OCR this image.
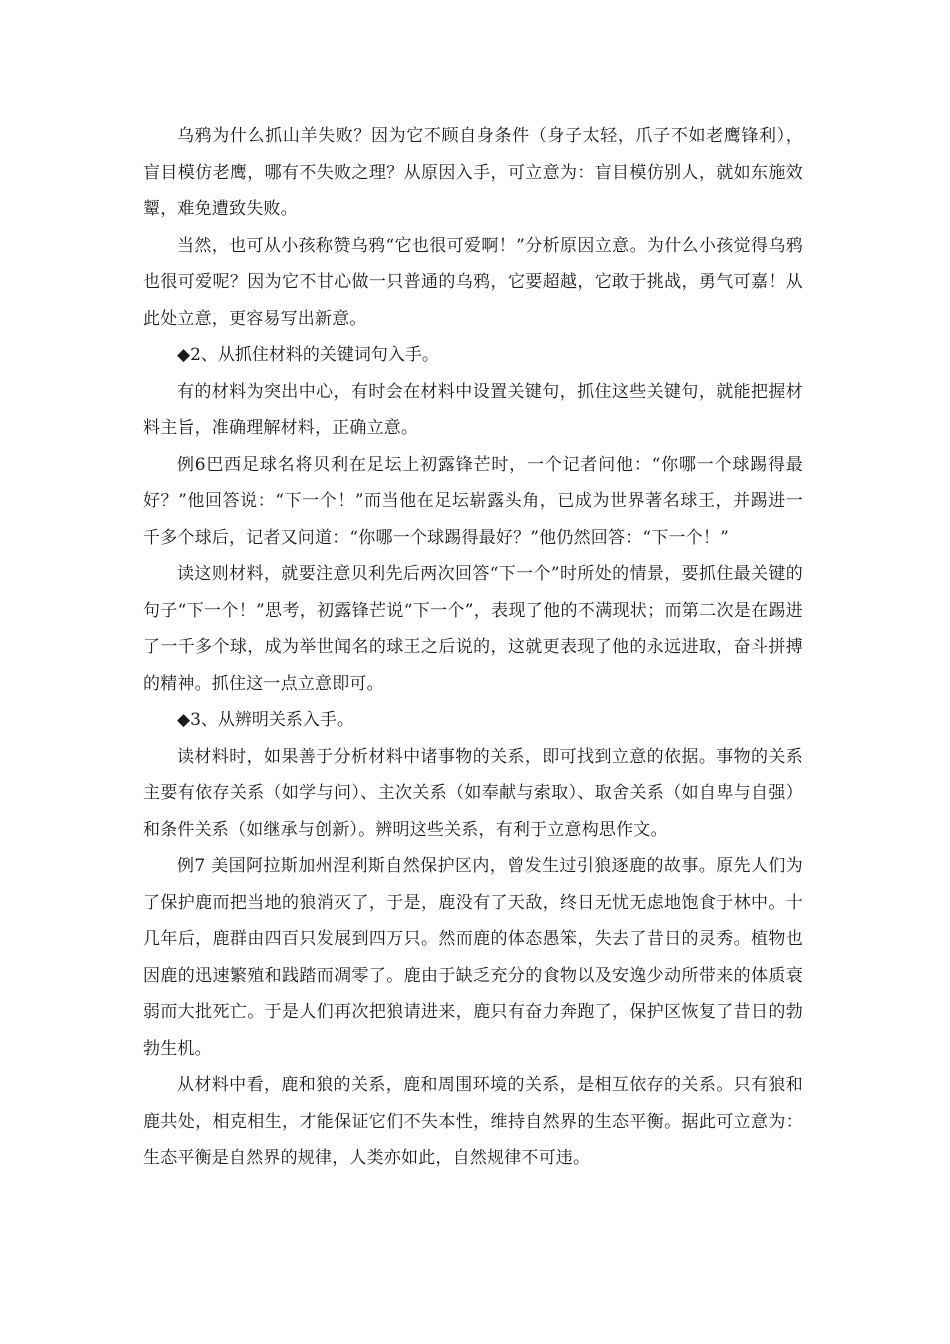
乌鸦为什么抓山羊失败？因为它不顾自身条件（身子太轻，爪子不如老鹰锋利），盲目模仿老鹰，哪有不失败之理？从原因入手，可立意为：盲目模仿别人，就如东施效颦，难免遭致失败。

当然，也可从小孩称赞乌鸦“它也很可爱啊！”分析原因立意。为什么小孩觉得乌鸦也很可爱呢？因为它不甘心做一只普通的乌鸦，它要超越，它敢于挑战，勇气可嘉！从此处立意，更容易写出新意。

◆2、从抓住材料的关键词句入手。

有的材料为突出中心，有时会在材料中设置关键句，抓住这些关键句，就能把握材料主旨，准确理解材料，正确立意。

例6巴西足球名将贝利在足坛上初露锋芒时，一个记者问他：“你哪一个球踢得最好？”他回答说：“下一个！”而当他在足坛崭露头角，已成为世界著名球王，并踢进一千多个球后，记者又问道：“你哪一个球踢得最好？”他仍然回答：“下一个！”

读这则材料，就要注意贝利先后两次回答“下一个”时所处的情景，要抓住最关键的句子“下一个！”思考，初露锋芒说“下一个”，表现了他的不满现状；而第二次是在踢进了一千多个球，成为举世闻名的球王之后说的，这就更表现了他的永远进取，奋斗拼搏的精神。抓住这一点立意即可。

◆3、从辨明关系入手。

读材料时，如果善于分析材料中诸事物的关系，即可找到立意的依据。事物的关系主要有依存关系（如学与问）、主次关系（如奉献与索取）、取舍关系（如自卑与自强）和条件关系（如继承与创新）。辨明这些关系，有利于立意构思作文。

例7 美国阿拉斯加州涅利斯自然保护区内，曾发生过引狼逐鹿的故事。原先人们为了保护鹿而把当地的狼消灭了，于是，鹿没有了天敌，终日无忧无虑地饱食于林中。十几年后，鹿群由四百只发展到四万只。然而鹿的体态愚笨，失去了昔日的灵秀。植物也因鹿的迅速繁殖和践踏而凋零了。鹿由于缺乏充分的食物以及安逸少动所带来的体质衰弱而大批死亡。于是人们再次把狼请进来，鹿只有奋力奔跑了，保护区恢复了昔日的勃勃生机。

从材料中看，鹿和狼的关系，鹿和周围环境的关系，是相互依存的关系。只有狼和鹿共处，相克相生，才能保证它们不失本性，维持自然界的生态平衡。据此可立意为：生态平衡是自然界的规律，人类亦如此，自然规律不可违。
